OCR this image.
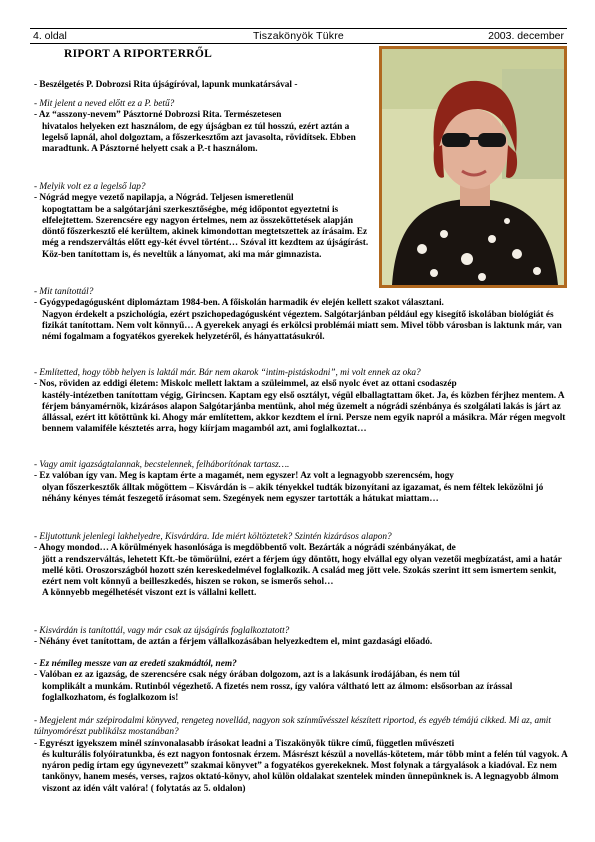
4. oldal	Tiszakönyök Tükre	2003. december
RIPORT A RIPORTERRŐL
- Beszélgetés P. Dobrozsi Rita újságíróval, lapunk munkatársával -

- Mit jelent a neved előtt ez a P. betű?

- Az “asszony-nevem” Pásztorné Dobrozsi Rita. Természetesen
hivatalos helyeken ezt használom, de egy újságban ez túl hosszú, ezért aztán a legelső lapnál, ahol dolgoztam, a főszerkesztőm azt javasolta, rövidítsek. Ebben maradtunk. A Pásztorné helyett csak a P.-t használom.

- Melyik volt ez a legelső lap?

- Nógrád megye vezető napilapja, a Nógrád. Teljesen ismeretlenül
kopogtattam be a salgótarjáni szerkesztőségbe, még időpontot egyeztetni is elfelejtettem. Szerencsére egy nagyon értelmes, nem az összeköttetések alapján döntő főszerkesztő elé kerültem, akinek kimondottan megtetszettek az írásaim. Ez még a rendszerváltás előtt egy-két évvel történt… Szóval itt kezdtem az újságírást. Köz-ben tanítottam is, és neveltük a lányomat, aki ma már gimnazista.

- Mit tanítottál?

- Gyógypedagógusként diplomáztam 1984-ben. A főiskolán harmadik év elején kellett szakot választani.
Nagyon érdekelt a pszichológia, ezért pszichopedagógusként végeztem. Salgótarjánban például egy kisegítő iskolában biológiát és fizikát tanítottam. Nem volt könnyű… A gyerekek anyagi és erkölcsi problémái miatt sem. Mivel több városban is laktunk már, van némi fogalmam a fogyatékos gyerekek helyzetéről, és hányattatásukról.

- Említetted, hogy több helyen is laktál már. Bár nem akarok “intim-pistáskodni”, mi volt ennek az oka?

- Nos, röviden az eddigi életem: Miskolc mellett laktam a szüleimmel, az első nyolc évet az ottani csodaszép
kastély-intézetben tanítottam végig, Girincsen. Kaptam egy első osztályt, végül elballagtattam őket. Ja, és közben férjhez mentem. A férjem bányamérnök, kizárásos alapon Salgótarjánba mentünk, ahol még üzemelt a nógrádi szénbánya és szolgálati lakás is járt az állással, ezért itt kötöttünk ki. Ahogy már említettem, akkor kezdtem el írni. Persze nem egyik napról a másikra. Már régen megvolt bennem valamiféle késztetés arra, hogy kiírjam magamból azt, ami foglalkoztat…

- Vagy amit igazságtalannak, becstelennek, felháborítónak tartasz….

- Ez valóban így van. Meg is kaptam érte a magamét, nem egyszer! Az volt a legnagyobb szerencsém, hogy
olyan főszerkesztők álltak mögöttem – Kisvárdán is – akik tényekkel tudták bizonyítani az igazamat, és nem féltek leközölni jó néhány kényes témát feszegető írásomat sem. Szegények nem egyszer tartották a hátukat miattam…

- Eljutottunk jelenlegi lakhelyedre, Kisvárdára. Ide miért költöztetek? Szintén kizárásos alapon?

- Ahogy mondod… A körülmények hasonlósága is megdöbbentő volt. Bezárták a nógrádi szénbányákat, de
jött a rendszerváltás, lehetett Kft.-be tömörülni, ezért a férjem úgy döntött, hogy elvállal egy olyan vezetői megbízatást, ami a határ mellé köti. Oroszországból hozott szén kereskedelmével foglalkozik. A család meg jött vele. Szokás szerint itt sem ismertem senkit, ezért nem volt könnyű a beilleszkedés, hiszen se rokon, se ismerős sehol…
A könnyebb megélhetését viszont ezt is vállalni kellett.

- Kisvárdán is tanítottál, vagy már csak az újságírás foglalkoztatott?

- Néhány évet tanítottam, de aztán a férjem vállalkozásában helyezkedtem el, mint gazdasági előadó.

- Ez némileg messze van az eredeti szakmádtól, nem?

- Valóban ez az igazság, de szerencsére csak négy órában dolgozom, azt is a lakásunk irodájában, és nem túl
komplikált a munkám. Rutinból végezhető. A fizetés nem rossz, így valóra váltható lett az álmom: elsősorban az írással foglalkozhatom, és foglalkozom is!

- Megjelent már szépirodalmi könyved, rengeteg novellád, nagyon sok színművésszel készített riportod, és egyéb témájú cikked. Mi az, amit túlnyomórészt publikálsz mostanában?

- Egyrészt igyekszem minél színvonalasabb írásokat leadni a Tiszakönyök tükre című, független művészeti
és kulturális folyóiratunkba, és ezt nagyon fontosnak érzem. Másrészt készül a novellás-kötetem, már több mint a felén túl vagyok. A nyáron pedig írtam egy úgynevezett” szakmai könyvet” a fogyatékos gyerekeknek. Most folynak a tárgyalások a kiadóval. Ez nem tankönyv, hanem mesés, verses, rajzos oktató-könyv, ahol külön oldalakat szentelek minden ünnepünknek is. A legnagyobb álmom viszont az idén vált valóra! ( folytatás az 5. oldalon)
